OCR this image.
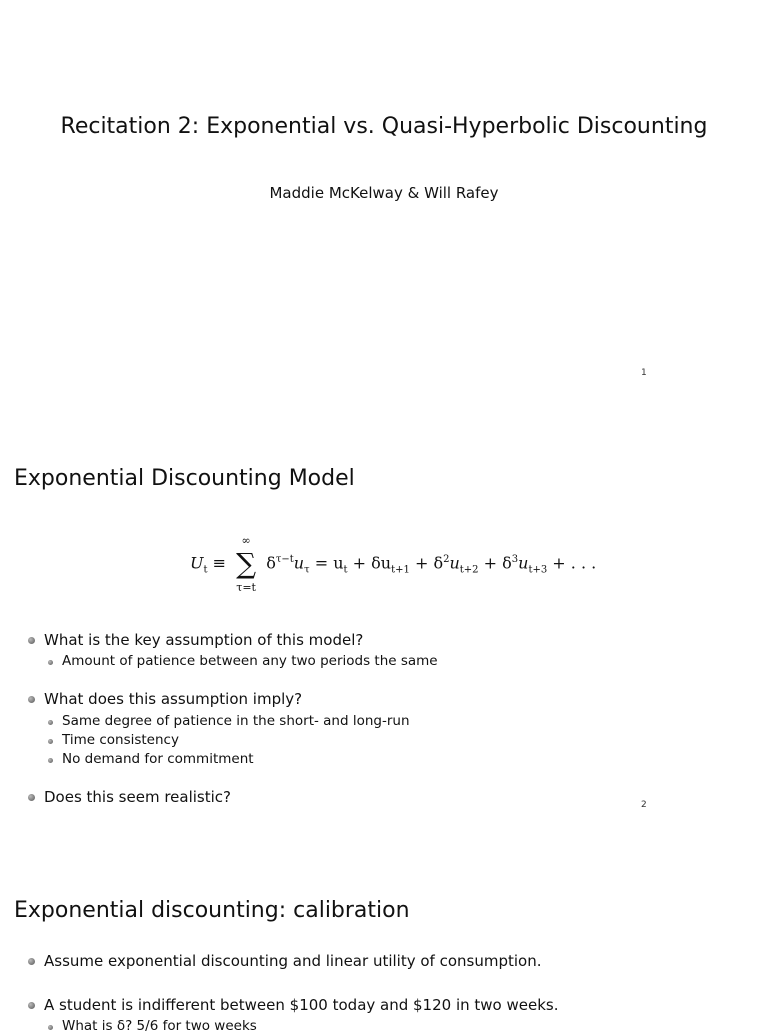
Recitation 2: Exponential vs. Quasi-Hyperbolic Discounting
Maddie McKelway & Will Rafey
1
Exponential Discounting Model
$U_t$ ≡
∞
∑
τ=t
$\delta^{\tau-t}u_\tau = u_t + \delta u_{t+1} + \delta^2u_{t+2} + \delta^3u_{t+3}$ + . . .
What is the key assumption of this model?
Amount of patience between any two periods the same
What does this assumption imply?
Same degree of patience in the short- and long-run
Time consistency
No demand for commitment
Does this seem realistic?	2
Exponential discounting: calibration
Assume exponential discounting and linear utility of consumption.
A student is indifferent between $100 today and $120 in two weeks.
What is δ? 5/6 for two weeks
